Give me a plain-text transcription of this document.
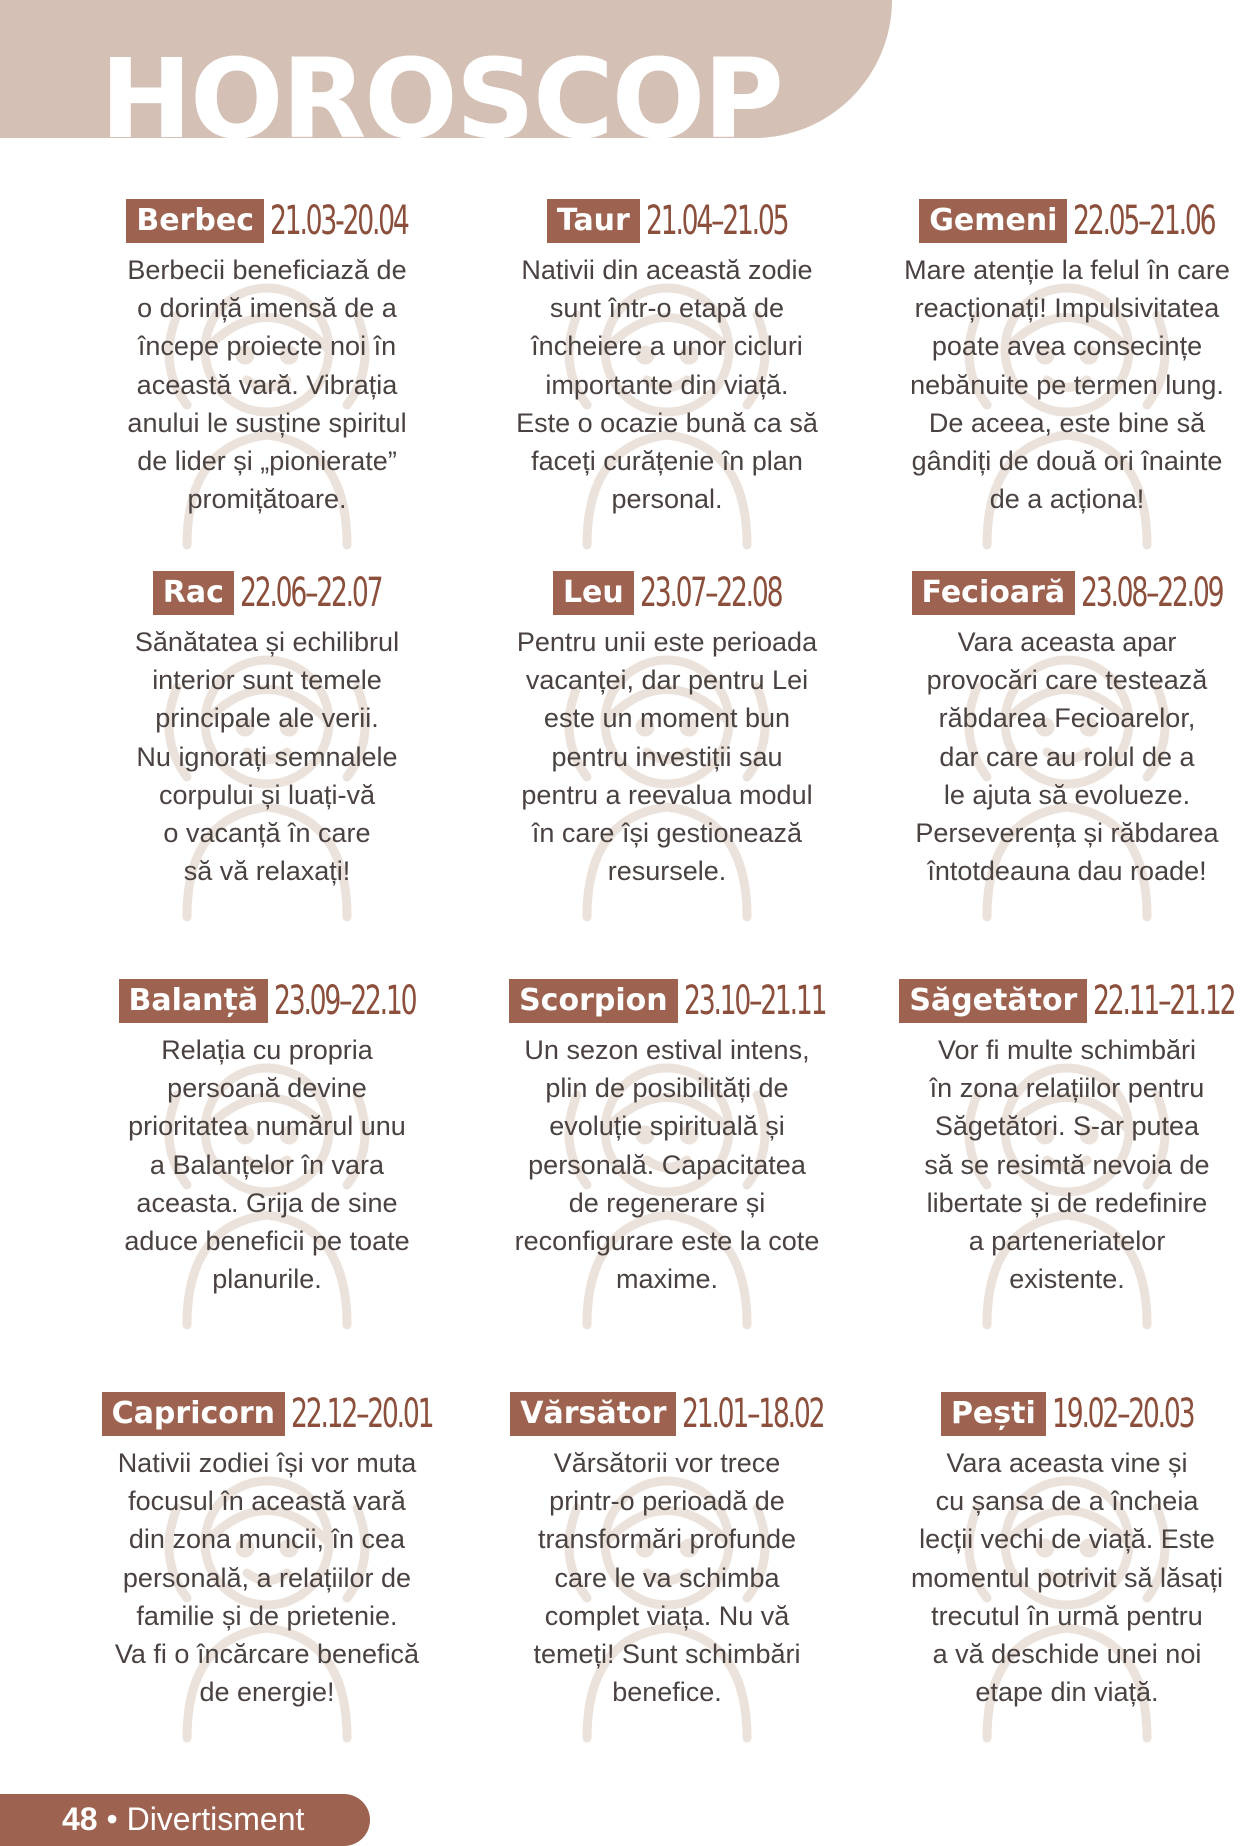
HOROSCOP
Berbec 21.03-20.04

Berbecii beneficiază de
o dorință imensă de a
începe proiecte noi în
această vară. Vibrația
anului le susține spiritul
de lider și „pionierate”
promițătoare.

Taur 21.04–21.05

Nativii din această zodie
sunt într-o etapă de
încheiere a unor cicluri
importante din viață.
Este o ocazie bună ca să
faceți curățenie în plan
personal.

Gemeni 22.05–21.06

Mare atenție la felul în care
reacționați! Impulsivitatea
poate avea consecințe
nebănuite pe termen lung.
De aceea, este bine să
gândiți de două ori înainte
de a acționa!

Rac 22.06–22.07

Sănătatea și echilibrul
interior sunt temele
principale ale verii.
Nu ignorați semnalele
corpului și luați-vă
o vacanță în care
să vă relaxați!

Leu 23.07–22.08

Pentru unii este perioada
vacanței, dar pentru Lei
este un moment bun
pentru investiții sau
pentru a reevalua modul
în care își gestionează
resursele.

Fecioară 23.08–22.09

Vara aceasta apar
provocări care testează
răbdarea Fecioarelor,
dar care au rolul de a
le ajuta să evolueze.
Perseverența și răbdarea
întotdeauna dau roade!

Balanță 23.09–22.10

Relația cu propria
persoană devine
prioritatea numărul unu
a Balanțelor în vara
aceasta. Grija de sine
aduce beneficii pe toate
planurile.

Scorpion 23.10–21.11

Un sezon estival intens,
plin de posibilități de
evoluție spirituală și
personală. Capacitatea
de regenerare și
reconfigurare este la cote
maxime.

Săgetător 22.11–21.12

Vor fi multe schimbări
în zona relațiilor pentru
Săgetători. S-ar putea
să se resimtă nevoia de
libertate și de redefinire
a parteneriatelor
existente.

Capricorn 22.12–20.01

Nativii zodiei își vor muta
focusul în această vară
din zona muncii, în cea
personală, a relațiilor de
familie și de prietenie.
Va fi o încărcare benefică
de energie!

Vărsător 21.01–18.02

Vărsătorii vor trece
printr-o perioadă de
transformări profunde
care le va schimba
complet viața. Nu vă
temeți! Sunt schimbări
benefice.

Pești 19.02–20.03

Vara aceasta vine și
cu șansa de a încheia
lecții vechi de viață. Este
momentul potrivit să lăsați
trecutul în urmă pentru
a vă deschide unei noi
etape din viață.

48 • Divertisment
